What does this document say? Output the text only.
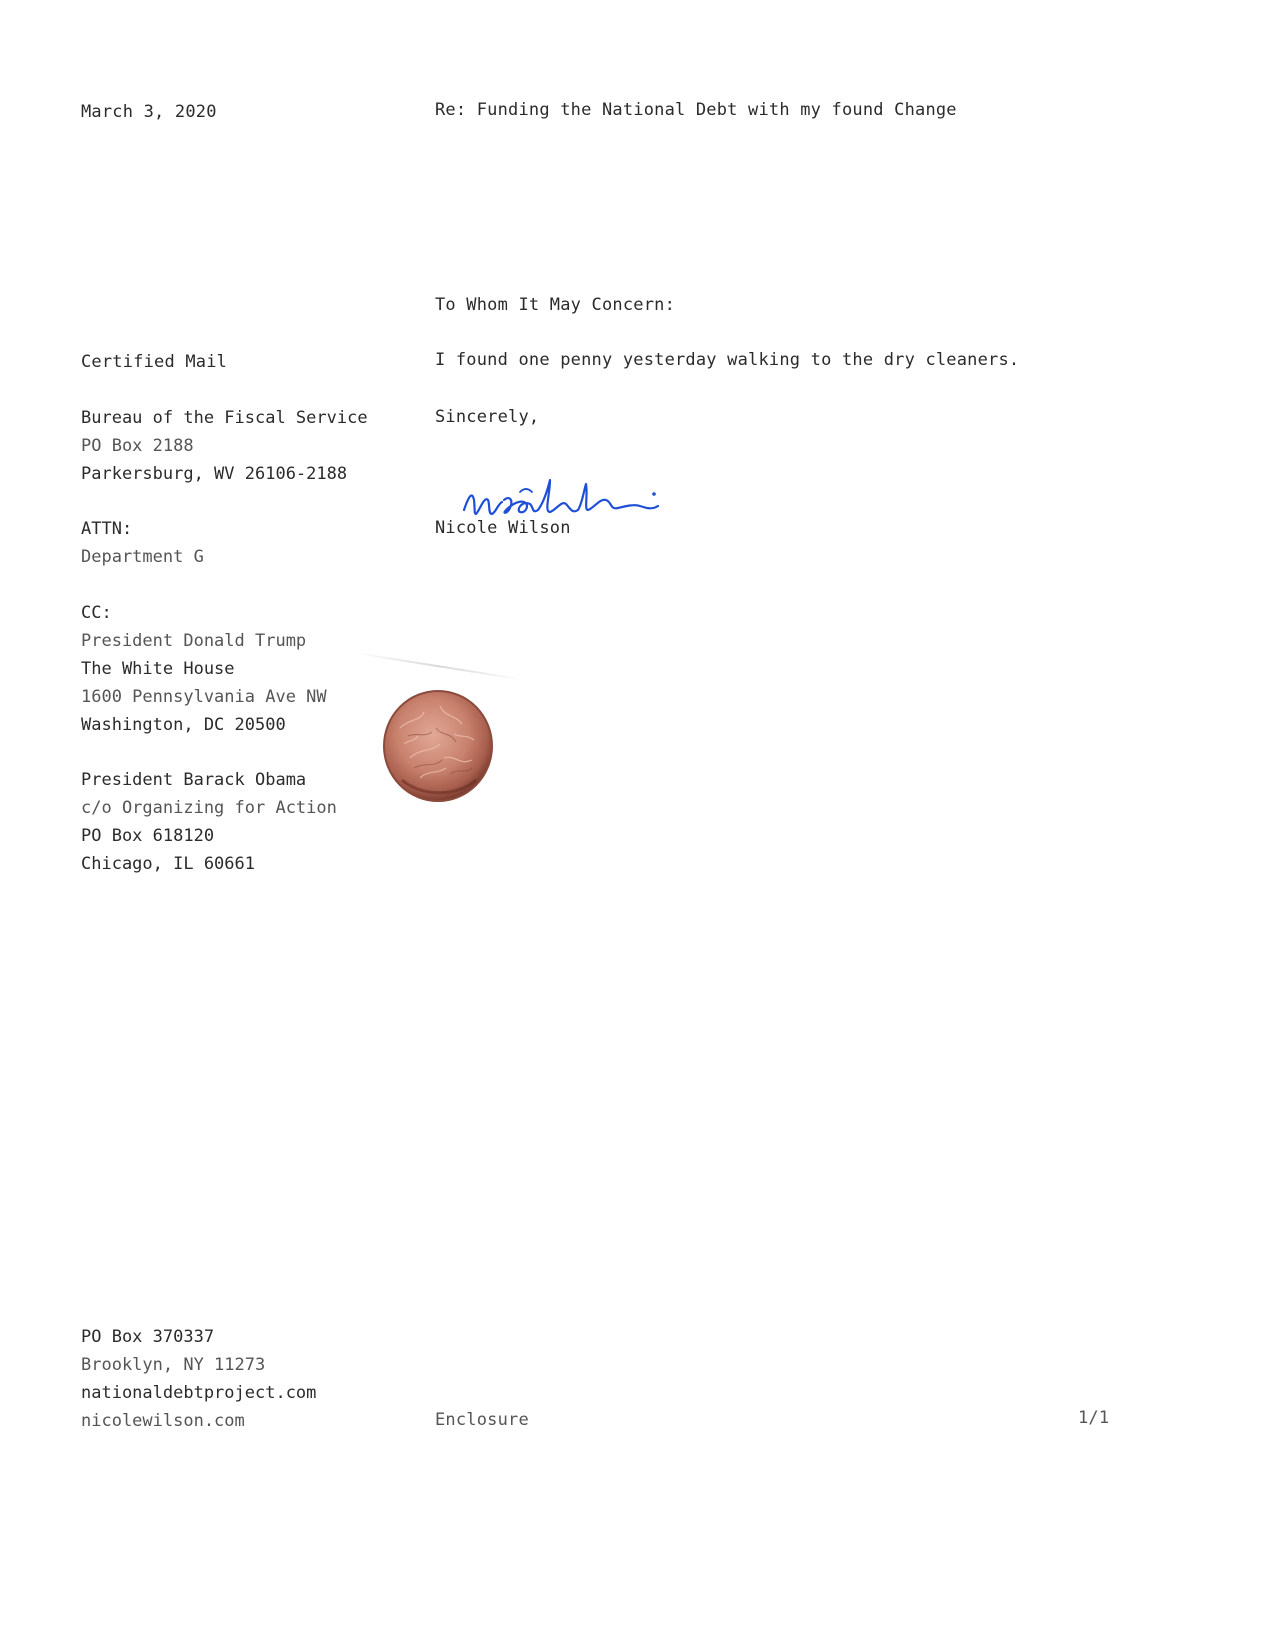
March 3, 2020	Re: Funding the National Debt with my found Change
To Whom It May Concern:
Certified Mail	I found one penny yesterday walking to the dry cleaners.
Bureau of the Fiscal Service
PO Box 2188
Parkersburg, WV 26106-2188
Sincerely,
ATTN:
Department G
Nicole Wilson
CC:
President Donald Trump
The White House
1600 Pennsylvania Ave NW
Washington, DC 20500
President Barack Obama
c/o Organizing for Action
PO Box 618120
Chicago, IL 60661
PO Box 370337
Brooklyn, NY 11273
nationaldebtproject.com
nicolewilson.com	Enclosure	1/1
